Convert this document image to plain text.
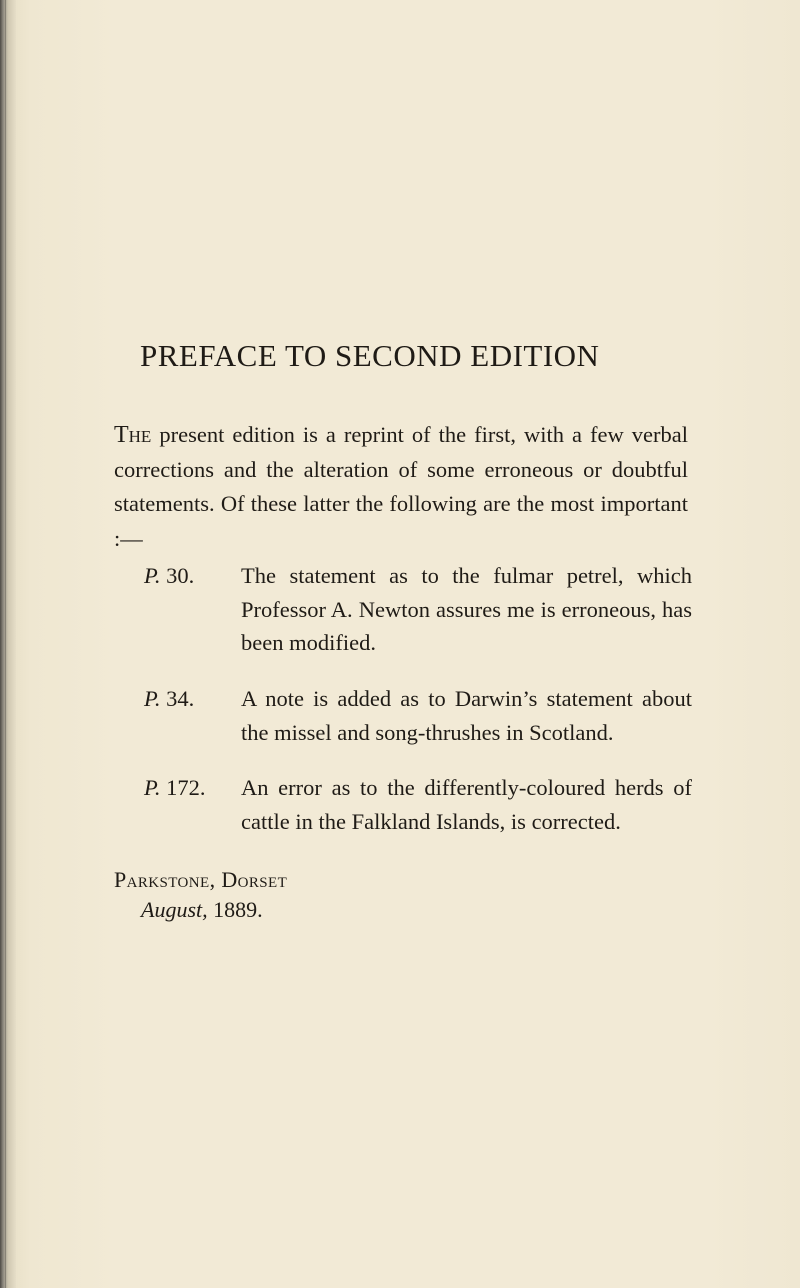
PREFACE TO SECOND EDITION

The present edition is a reprint of the first, with a few verbal corrections and the alteration of some erroneous or doubtful statements. Of these latter the following are the most important :—

P. 30.	The statement as to the fulmar petrel, which Professor A. Newton assures me is erroneous, has been modified.
P. 34.	A note is added as to Darwin’s statement about the missel and song-thrushes in Scotland.
P. 172.	An error as to the differently-coloured herds of cattle in the Falkland Islands, is corrected.
Parkstone, Dorset
August, 1889.
